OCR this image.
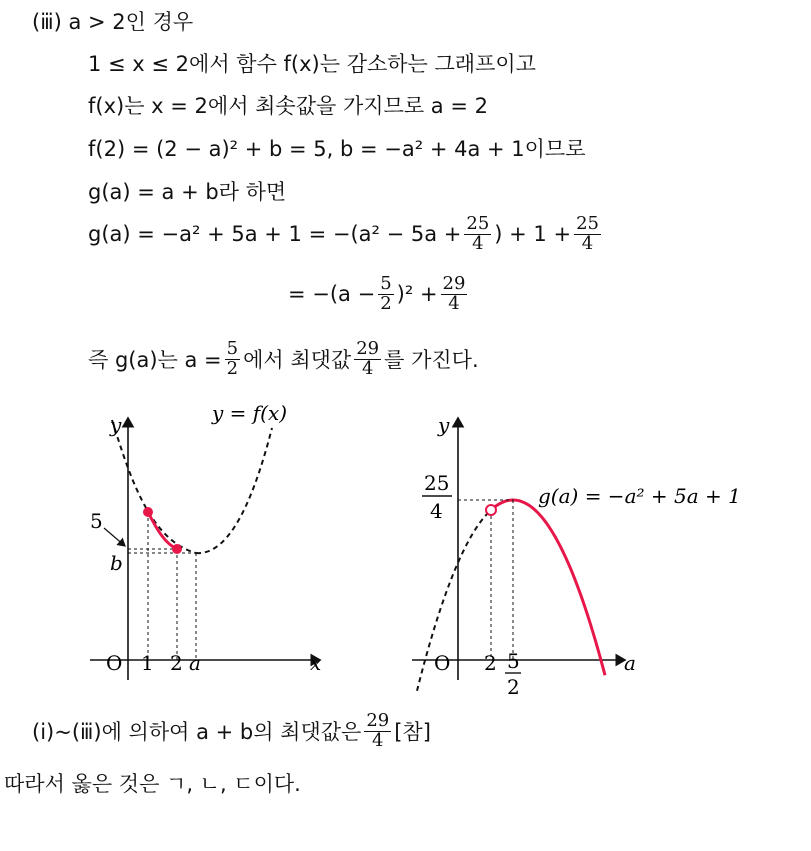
(ⅲ) a > 2인 경우
1 ≤ x ≤ 2에서 함수 f(x)는 감소하는 그래프이고
f(x)는 x = 2에서 최솟값을 가지므로 a = 2
f(2) = (2 − a)² + b = 5, b = −a² + 4a + 1이므로
g(a) = a + b라 하면
$g(a) = -a^2 + 5a + 1 = -(a^2 - 5a + \frac{25}{4}$ ) + $1 + \frac{25}{4}$
= $-(a - \frac{5}{2} )^2 + \frac{29}{4}$
즉 g(a)는 $a = \frac{5}{2}$ 에서 최댓값 $\frac{29}{4}$ 를 가진다.
y
x
O 1 2 a
5
b
y = f(x)	y
a
O 2 5
2
25
4
g(a) = −a² + 5a + 1
(ⅰ)~(ⅲ)에 의하여 a + b의 최댓값은 $\frac{29}{4}$ [참]
따라서 옳은 것은 ㄱ, ㄴ, ㄷ이다.
